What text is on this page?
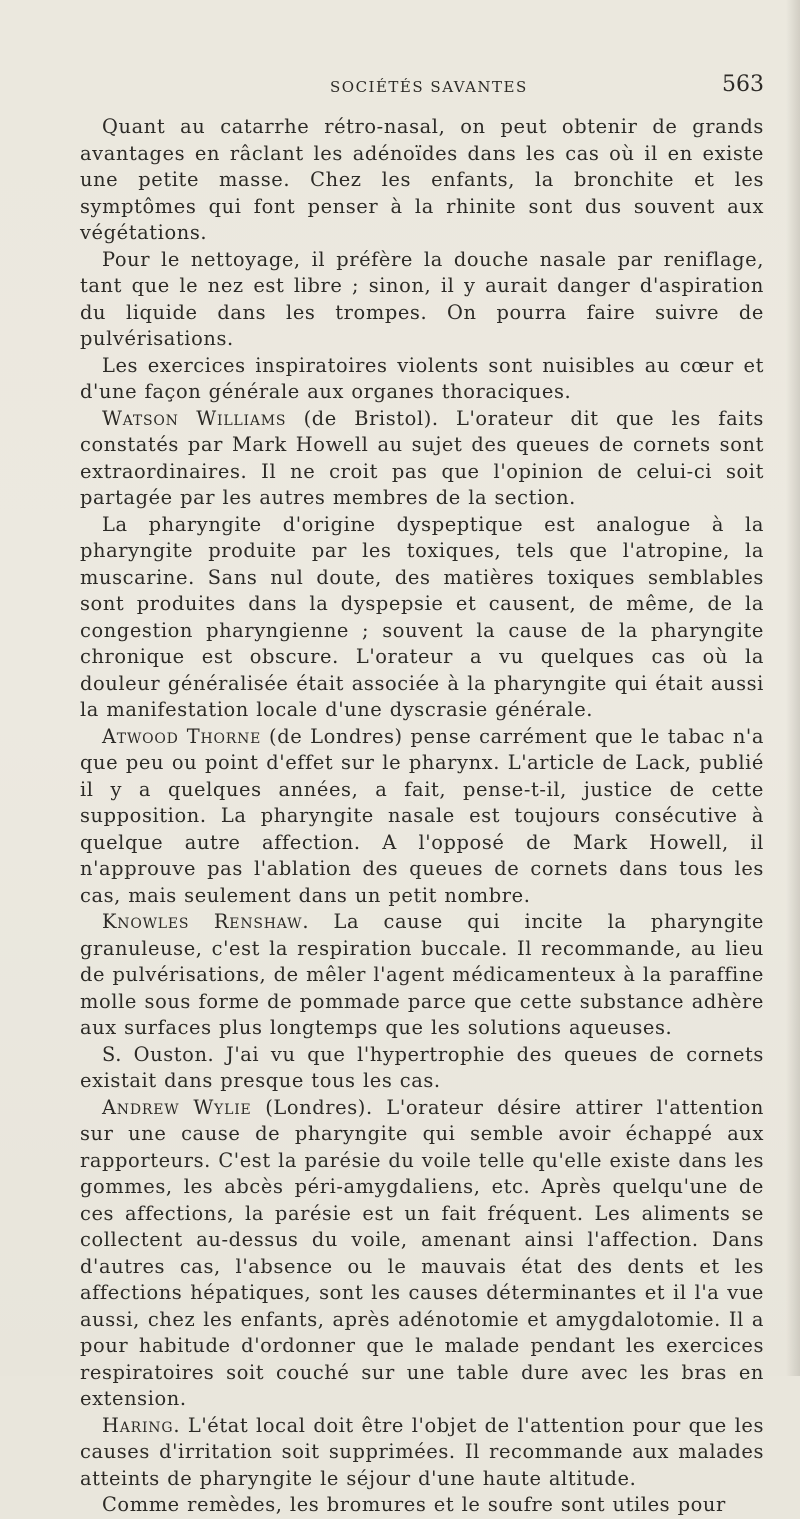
SOCIÉTÉS SAVANTES	563

Quant au catarrhe rétro-nasal, on peut obtenir de grands avantages en râclant les adénoïdes dans les cas où il en existe une petite masse. Chez les enfants, la bronchite et les symptômes qui font penser à la rhinite sont dus souvent aux végétations.

Pour le nettoyage, il préfère la douche nasale par reniflage, tant que le nez est libre ; sinon, il y aurait danger d'aspiration du liquide dans les trompes. On pourra faire suivre de pulvérisations.

Les exercices inspiratoires violents sont nuisibles au cœur et d'une façon générale aux organes thoraciques.

Watson Williams (de Bristol). L'orateur dit que les faits constatés par Mark Howell au sujet des queues de cornets sont extraordinaires. Il ne croit pas que l'opinion de celui-ci soit partagée par les autres membres de la section.

La pharyngite d'origine dyspeptique est analogue à la pharyngite produite par les toxiques, tels que l'atropine, la muscarine. Sans nul doute, des matières toxiques semblables sont produites dans la dyspepsie et causent, de même, de la congestion pharyngienne ; souvent la cause de la pharyngite chronique est obscure. L'orateur a vu quelques cas où la douleur généralisée était associée à la pharyngite qui était aussi la manifestation locale d'une dyscrasie générale.

Atwood Thorne (de Londres) pense carrément que le tabac n'a que peu ou point d'effet sur le pharynx. L'article de Lack, publié il y a quelques années, a fait, pense-t-il, justice de cette supposition. La pharyngite nasale est toujours consécutive à quelque autre affection. A l'opposé de Mark Howell, il n'approuve pas l'ablation des queues de cornets dans tous les cas, mais seulement dans un petit nombre.

Knowles Renshaw. La cause qui incite la pharyngite granuleuse, c'est la respiration buccale. Il recommande, au lieu de pulvérisations, de mêler l'agent médicamenteux à la paraffine molle sous forme de pommade parce que cette substance adhère aux surfaces plus longtemps que les solutions aqueuses.

S. Ouston. J'ai vu que l'hypertrophie des queues de cornets existait dans presque tous les cas.

Andrew Wylie (Londres). L'orateur désire attirer l'attention sur une cause de pharyngite qui semble avoir échappé aux rapporteurs. C'est la parésie du voile telle qu'elle existe dans les gommes, les abcès péri-amygdaliens, etc. Après quelqu'une de ces affections, la parésie est un fait fréquent. Les aliments se collectent au-dessus du voile, amenant ainsi l'affection. Dans d'autres cas, l'absence ou le mauvais état des dents et les affections hépatiques, sont les causes déterminantes et il l'a vue aussi, chez les enfants, après adénotomie et amygdalotomie. Il a pour habitude d'ordonner que le malade pendant les exercices respiratoires soit couché sur une table dure avec les bras en extension.

Haring. L'état local doit être l'objet de l'attention pour que les causes d'irritation soit supprimées. Il recommande aux malades atteints de pharyngite le séjour d'une haute altitude.

Comme remèdes, les bromures et le soufre sont utiles pour
